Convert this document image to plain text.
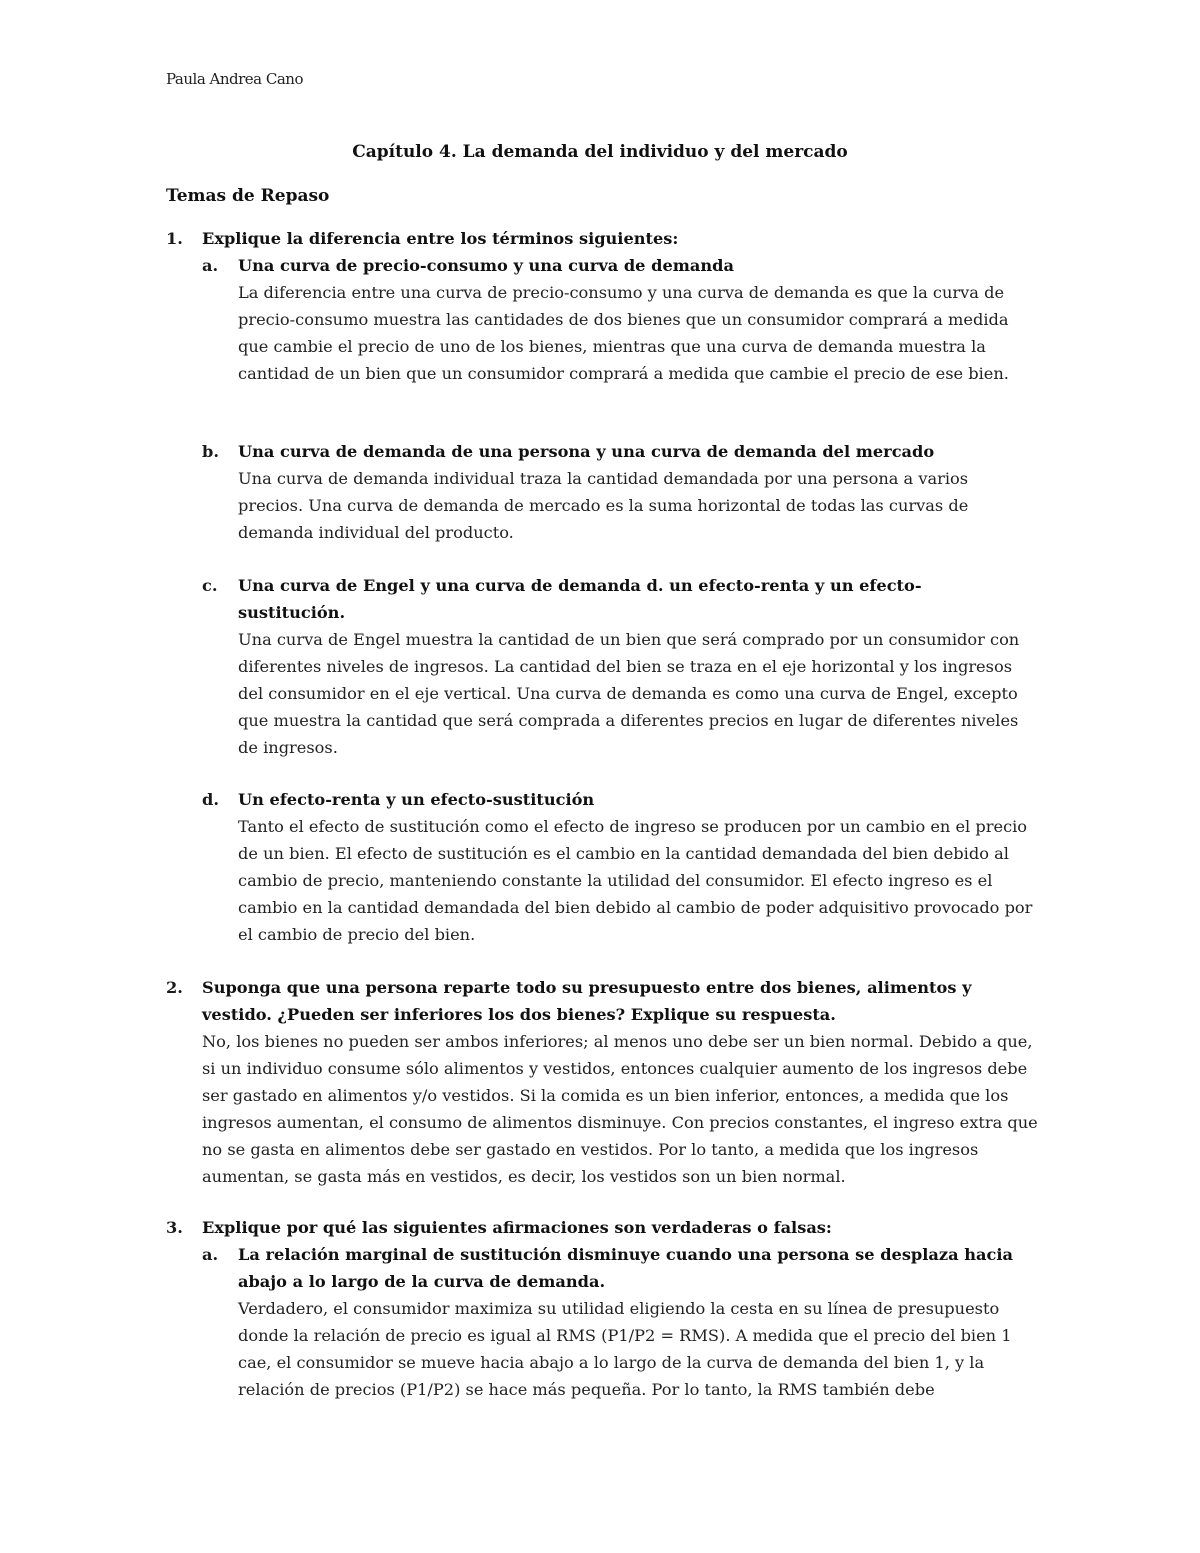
Paula Andrea Cano
Capítulo 4. La demanda del individuo y del mercado
Temas de Repaso
1. Explique la diferencia entre los términos siguientes:
a. Una curva de precio-consumo y una curva de demanda
La diferencia entre una curva de precio-consumo y una curva de demanda es que la curva de precio-consumo muestra las cantidades de dos bienes que un consumidor comprará a medida que cambie el precio de uno de los bienes, mientras que una curva de demanda muestra la cantidad de un bien que un consumidor comprará a medida que cambie el precio de ese bien.
b. Una curva de demanda de una persona y una curva de demanda del mercado
Una curva de demanda individual traza la cantidad demandada por una persona a varios precios. Una curva de demanda de mercado es la suma horizontal de todas las curvas de demanda individual del producto.
c. Una curva de Engel y una curva de demanda d. un efecto-renta y un efecto-sustitución.
Una curva de Engel muestra la cantidad de un bien que será comprado por un consumidor con diferentes niveles de ingresos. La cantidad del bien se traza en el eje horizontal y los ingresos del consumidor en el eje vertical. Una curva de demanda es como una curva de Engel, excepto que muestra la cantidad que será comprada a diferentes precios en lugar de diferentes niveles de ingresos.
d. Un efecto-renta y un efecto-sustitución
Tanto el efecto de sustitución como el efecto de ingreso se producen por un cambio en el precio de un bien. El efecto de sustitución es el cambio en la cantidad demandada del bien debido al cambio de precio, manteniendo constante la utilidad del consumidor. El efecto ingreso es el cambio en la cantidad demandada del bien debido al cambio de poder adquisitivo provocado por el cambio de precio del bien.
2. Suponga que una persona reparte todo su presupuesto entre dos bienes, alimentos y vestido. ¿Pueden ser inferiores los dos bienes? Explique su respuesta.
No, los bienes no pueden ser ambos inferiores; al menos uno debe ser un bien normal. Debido a que, si un individuo consume sólo alimentos y vestidos, entonces cualquier aumento de los ingresos debe ser gastado en alimentos y/o vestidos. Si la comida es un bien inferior, entonces, a medida que los ingresos aumentan, el consumo de alimentos disminuye. Con precios constantes, el ingreso extra que no se gasta en alimentos debe ser gastado en vestidos. Por lo tanto, a medida que los ingresos aumentan, se gasta más en vestidos, es decir, los vestidos son un bien normal.
3. Explique por qué las siguientes afirmaciones son verdaderas o falsas:
a. La relación marginal de sustitución disminuye cuando una persona se desplaza hacia abajo a lo largo de la curva de demanda.
Verdadero, el consumidor maximiza su utilidad eligiendo la cesta en su línea de presupuesto donde la relación de precio es igual al RMS (P1/P2 = RMS). A medida que el precio del bien 1 cae, el consumidor se mueve hacia abajo a lo largo de la curva de demanda del bien 1, y la relación de precios (P1/P2) se hace más pequeña. Por lo tanto, la RMS también debe
